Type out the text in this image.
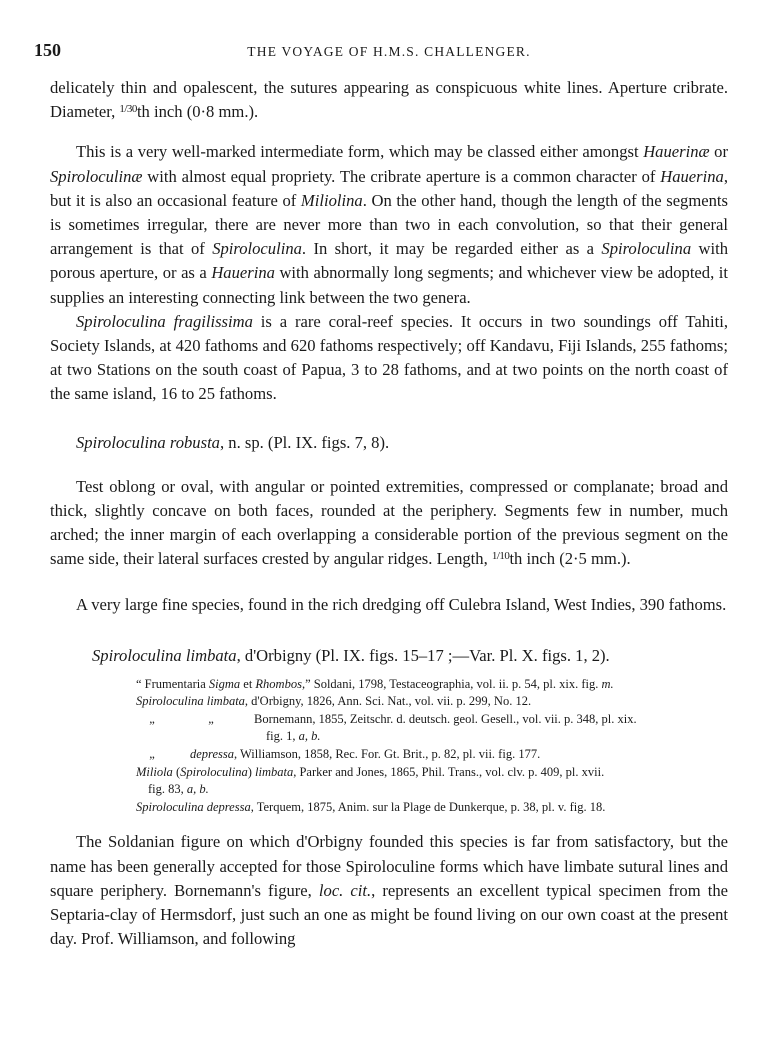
150	THE VOYAGE OF H.M.S. CHALLENGER.

delicately thin and opalescent, the sutures appearing as conspicuous white lines. Aperture cribrate. Diameter, $^{1/30}$th inch (0·8 mm.).

This is a very well-marked intermediate form, which may be classed either amongst Hauerinæ or Spiroloculinæ with almost equal propriety. The cribrate aperture is a common character of Hauerina, but it is also an occasional feature of Miliolina. On the other hand, though the length of the segments is sometimes irregular, there are never more than two in each convolution, so that their general arrangement is that of Spiroloculina. In short, it may be regarded either as a Spiroloculina with porous aperture, or as a Hauerina with abnormally long segments; and whichever view be adopted, it supplies an interesting connecting link between the two genera.

Spiroloculina fragilissima is a rare coral-reef species. It occurs in two soundings off Tahiti, Society Islands, at 420 fathoms and 620 fathoms respectively; off Kandavu, Fiji Islands, 255 fathoms; at two Stations on the south coast of Papua, 3 to 28 fathoms, and at two points on the north coast of the same island, 16 to 25 fathoms.

Spiroloculina robusta, n. sp. (Pl. IX. figs. 7, 8).

Test oblong or oval, with angular or pointed extremities, compressed or complanate; broad and thick, slightly concave on both faces, rounded at the periphery. Segments few in number, much arched; the inner margin of each overlapping a considerable portion of the previous segment on the same side, their lateral surfaces crested by angular ridges. Length, $^{1/10}$th inch (2·5 mm.).

A very large fine species, found in the rich dredging off Culebra Island, West Indies, 390 fathoms.

Spiroloculina limbata, d'Orbigny (Pl. IX. figs. 15–17 ;—Var. Pl. X. figs. 1, 2).

“ Frumentaria Sigma et Rhombos,” Soldani, 1798, Testaceographia, vol. ii. p. 54, pl. xix. fig. m.
Spiroloculina limbata, d'Orbigny, 1826, Ann. Sci. Nat., vol. vii. p. 299, No. 12.
„	„	Bornemann, 1855, Zeitschr. d. deutsch. geol. Gesell., vol. vii. p. 348, pl. xix.
fig. 1, a, b.
„	depressa, Williamson, 1858, Rec. For. Gt. Brit., p. 82, pl. vii. fig. 177.
Miliola (Spiroloculina) limbata, Parker and Jones, 1865, Phil. Trans., vol. clv. p. 409, pl. xvii.
fig. 83, a, b.
Spiroloculina depressa, Terquem, 1875, Anim. sur la Plage de Dunkerque, p. 38, pl. v. fig. 18.

The Soldanian figure on which d'Orbigny founded this species is far from satisfactory, but the name has been generally accepted for those Spiroloculine forms which have limbate sutural lines and square periphery. Bornemann's figure, loc. cit., represents an excellent typical specimen from the Septaria-clay of Hermsdorf, just such an one as might be found living on our own coast at the present day. Prof. Williamson, and following
